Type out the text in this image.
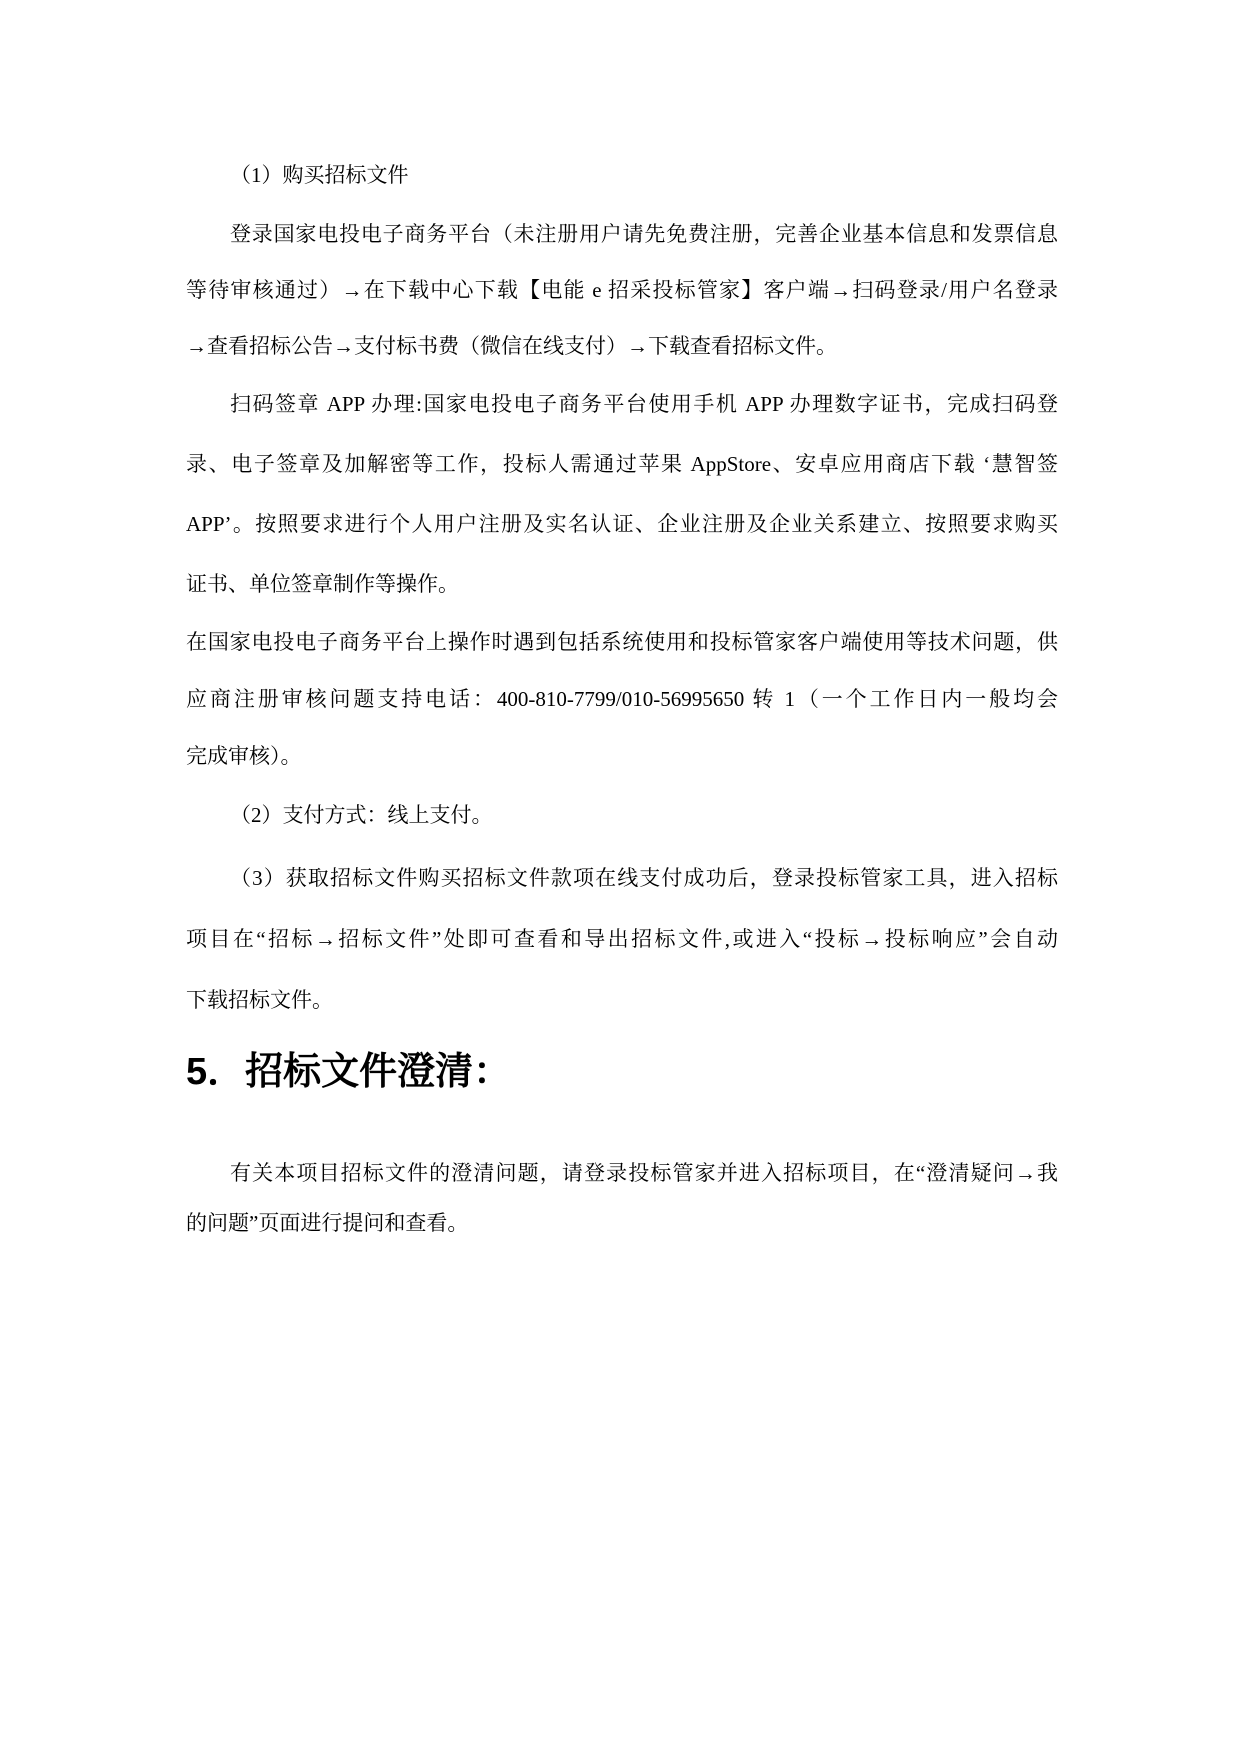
（1）购买招标文件
登录国家电投电子商务平台（未注册用户请先免费注册，完善企业基本信息和发票信息
等待审核通过）→在下载中心下载【电能 e 招采投标管家】客户端→扫码登录/用户名登录
→查看招标公告→支付标书费（微信在线支付）→下载查看招标文件。
扫码签章 APP 办理:国家电投电子商务平台使用手机 APP 办理数字证书，完成扫码登
录、电子签章及加解密等工作，投标人需通过苹果 AppStore、安卓应用商店下载 ‘慧智签
APP’。按照要求进行个人用户注册及实名认证、企业注册及企业关系建立、按照要求购买
证书、单位签章制作等操作。
在国家电投电子商务平台上操作时遇到包括系统使用和投标管家客户端使用等技术问题，供
应商注册审核问题支持电话：400-810-7799/010-56995650 转 1（一个工作日内一般均会
完成审核）。
（2）支付方式：线上支付。
（3）获取招标文件购买招标文件款项在线支付成功后，登录投标管家工具，进入招标
项目在“招标→招标文件”处即可查看和导出招标文件,或进入“投标→投标响应”会自动
下载招标文件。
5．招标文件澄清：
有关本项目招标文件的澄清问题，请登录投标管家并进入招标项目，在“澄清疑问→我
的问题”页面进行提问和查看。
